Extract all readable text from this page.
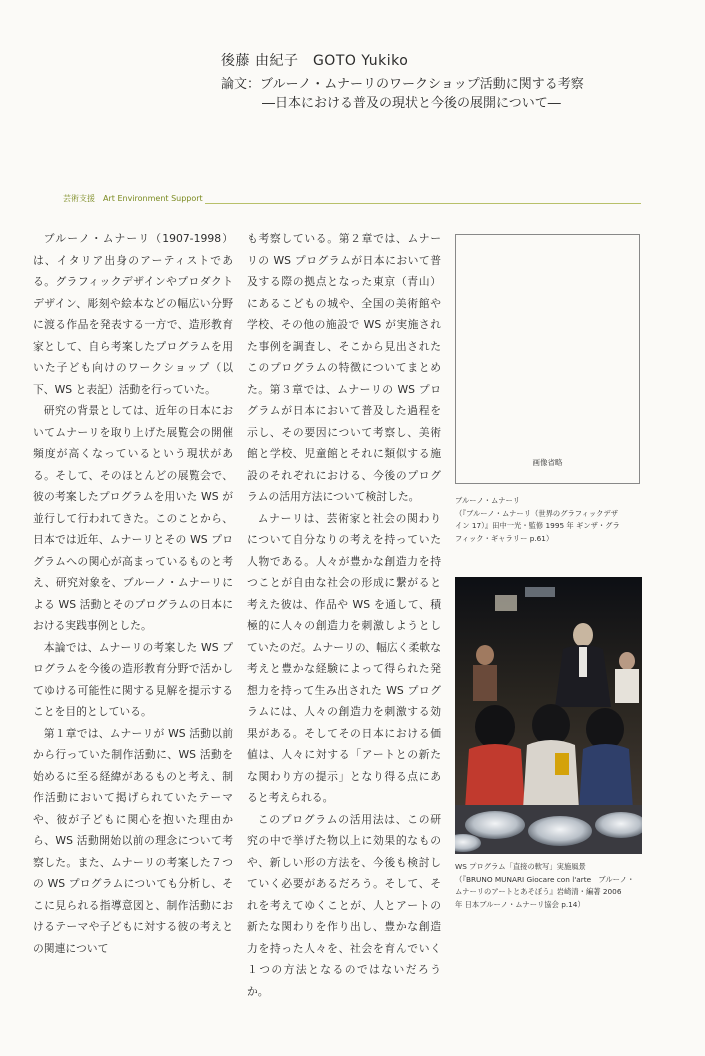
後藤 由紀子　GOTO Yukiko
論文：ブルーノ・ムナーリのワークショップ活動に関する考察
―日本における普及の現状と今後の展開について―
芸術支援　Art Environment Support

ブルーノ・ムナーリ（1907-1998）は、イタリア出身のアーティストである。グラフィックデザインやプロダクトデザイン、彫刻や絵本などの幅広い分野に渡る作品を発表する一方で、造形教育家として、自ら考案したプログラムを用いた子ども向けのワークショップ（以下、WS と表記）活動を行っていた。

研究の背景としては、近年の日本においてムナーリを取り上げた展覧会の開催頻度が高くなっているという現状がある。そして、そのほとんどの展覧会で、彼の考案したプログラムを用いた WS が並行して行われてきた。このことから、日本では近年、ムナーリとその WS プログラムへの関心が高まっているものと考え、研究対象を、ブルーノ・ムナーリによる WS 活動とそのプログラムの日本における実践事例とした。

本論では、ムナーリの考案した WS プログラムを今後の造形教育分野で活かしてゆける可能性に関する見解を提示することを目的としている。

第１章では、ムナーリが WS 活動以前から行っていた制作活動に、WS 活動を始めるに至る経緯があるものと考え、制作活動において掲げられていたテーマや、彼が子どもに関心を抱いた理由から、WS 活動開始以前の理念について考察した。また、ムナーリの考案した７つの WS プログラムについても分析し、そこに見られる指導意図と、制作活動におけるテーマや子どもに対する彼の考えとの関連について

も考察している。第２章では、ムナーリの WS プログラムが日本において普及する際の拠点となった東京（青山）にあるこどもの城や、全国の美術館や学校、その他の施設で WS が実施された事例を調査し、そこから見出されたこのプログラムの特徴についてまとめた。第３章では、ムナーリの WS プログラムが日本において普及した過程を示し、その要因について考察し、美術館と学校、児童館とそれに類似する施設のそれぞれにおける、今後のプログラムの活用方法について検討した。

ムナーリは、芸術家と社会の関わりについて自分なりの考えを持っていた人物である。人々が豊かな創造力を持つことが自由な社会の形成に繋がると考えた彼は、作品や WS を通して、積極的に人々の創造力を刺激しようとしていたのだ。ムナーリの、幅広く柔軟な考えと豊かな経験によって得られた発想力を持って生み出された WS プログラムには、人々の創造力を刺激する効果がある。そしてその日本における価値は、人々に対する「アートとの新たな関わり方の提示」となり得る点にあると考えられる。

このプログラムの活用法は、この研究の中で挙げた物以上に効果的なものや、新しい形の方法を、今後も検討していく必要があるだろう。そして、それを考えてゆくことが、人とアートの新たな関わりを作り出し、豊かな創造力を持った人々を、社会を育んでいく１つの方法となるのではないだろうか。

画像省略
ブルーノ・ムナーリ
（『ブルーノ・ムナーリ（世界のグラフィックデザ
イン 17）』田中一光・監修 1995 年 ギンザ・グラ
フィック・ギャラリー p.61）
WS プログラム「直接の軟写」実施風景
（『BRUNO MUNARI Giocare con l'arte　ブルーノ・
ムナーリのアートとあそぼう』岩崎清・編著 2006
年 日本ブルーノ・ムナーリ協会 p.14）
